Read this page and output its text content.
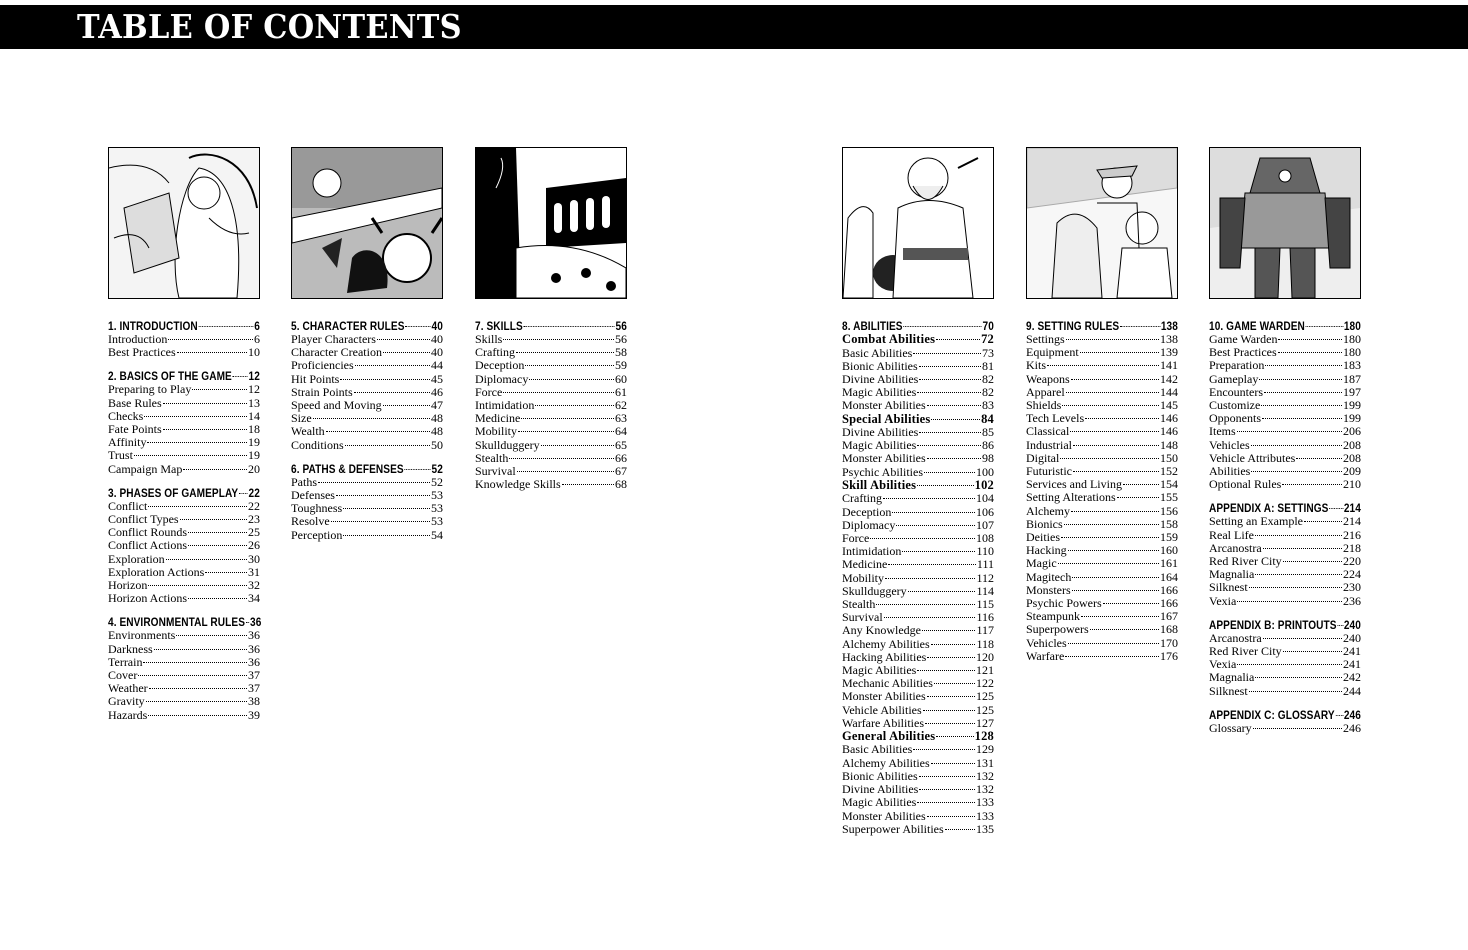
TABLE OF CONTENTS
1. INTRODUCTION	6
Introduction	6
Best Practices	10
2. BASICS OF THE GAME 12
Preparing to Play	12
Base Rules	13
Checks	14
Fate Points	18
Affinity	19
Trust	19
Campaign Map	20
3. PHASES OF GAMEPLAY 22
Conflict	22
Conflict Types	23
Conflict Rounds	25
Conflict Actions	26
Exploration	30
Exploration Actions	31
Horizon	32
Horizon Actions	34
4. ENVIRONMENTAL RULES 36
Environments	36
Darkness	36
Terrain	36
Cover	37
Weather	37
Gravity	38
Hazards	39
5. CHARACTER RULES 40
Player Characters	40
Character Creation	40
Proficiencies	44
Hit Points	45
Strain Points	46
Speed and Moving	47
Size	48
Wealth	48
Conditions	50
6. PATHS & DEFENSES 52
Paths	52
Defenses	53
Toughness	53
Resolve	53
Perception	54
7. SKILLS	56
Skills	56
Crafting	58
Deception	59
Diplomacy	60
Force	61
Intimidation	62
Medicine	63
Mobility	64
Skullduggery	65
Stealth	66
Survival	67
Knowledge Skills	68
8. ABILITIES	70
Combat Abilities	72
Basic Abilities	73
Bionic Abilities	81
Divine Abilities	82
Magic Abilities	82
Monster Abilities	83
Special Abilities	84
Divine Abilities	85
Magic Abilities	86
Monster Abilities	98
Psychic Abilities	100
Skill Abilities	102
Crafting	104
Deception	106
Diplomacy	107
Force	108
Intimidation	110
Medicine	111
Mobility	112
Skullduggery	114
Stealth	115
Survival	116
Any Knowledge	117
Alchemy Abilities	118
Hacking Abilities	120
Magic Abilities	121
Mechanic Abilities	122
Monster Abilities	125
Vehicle Abilities	125
Warfare Abilities	127
General Abilities	128
Basic Abilities	129
Alchemy Abilities	131
Bionic Abilities	132
Divine Abilities	132
Magic Abilities	133
Monster Abilities	133
Superpower Abilities	135
9. SETTING RULES	138
Settings	138
Equipment	139
Kits	141
Weapons	142
Apparel	144
Shields	145
Tech Levels	146
Classical	146
Industrial	148
Digital	150
Futuristic	152
Services and Living	154
Setting Alterations	155
Alchemy	156
Bionics	158
Deities	159
Hacking	160
Magic	161
Magitech	164
Monsters	166
Psychic Powers	166
Steampunk	167
Superpowers	168
Vehicles	170
Warfare	176
10. GAME WARDEN	180
Game Warden	180
Best Practices	180
Preparation	183
Gameplay	187
Encounters	197
Customize	199
Opponents	199
Items	206
Vehicles	208
Vehicle Attributes	208
Abilities	209
Optional Rules	210
APPENDIX A: SETTINGS 214
Setting an Example	214
Real Life	216
Arcanostra	218
Red River City	220
Magnalia	224
Silknest	230
Vexia	236
APPENDIX B: PRINTOUTS 240
Arcanostra	240
Red River City	241
Vexia	241
Magnalia	242
Silknest	244
APPENDIX C: GLOSSARY 246
Glossary	246
